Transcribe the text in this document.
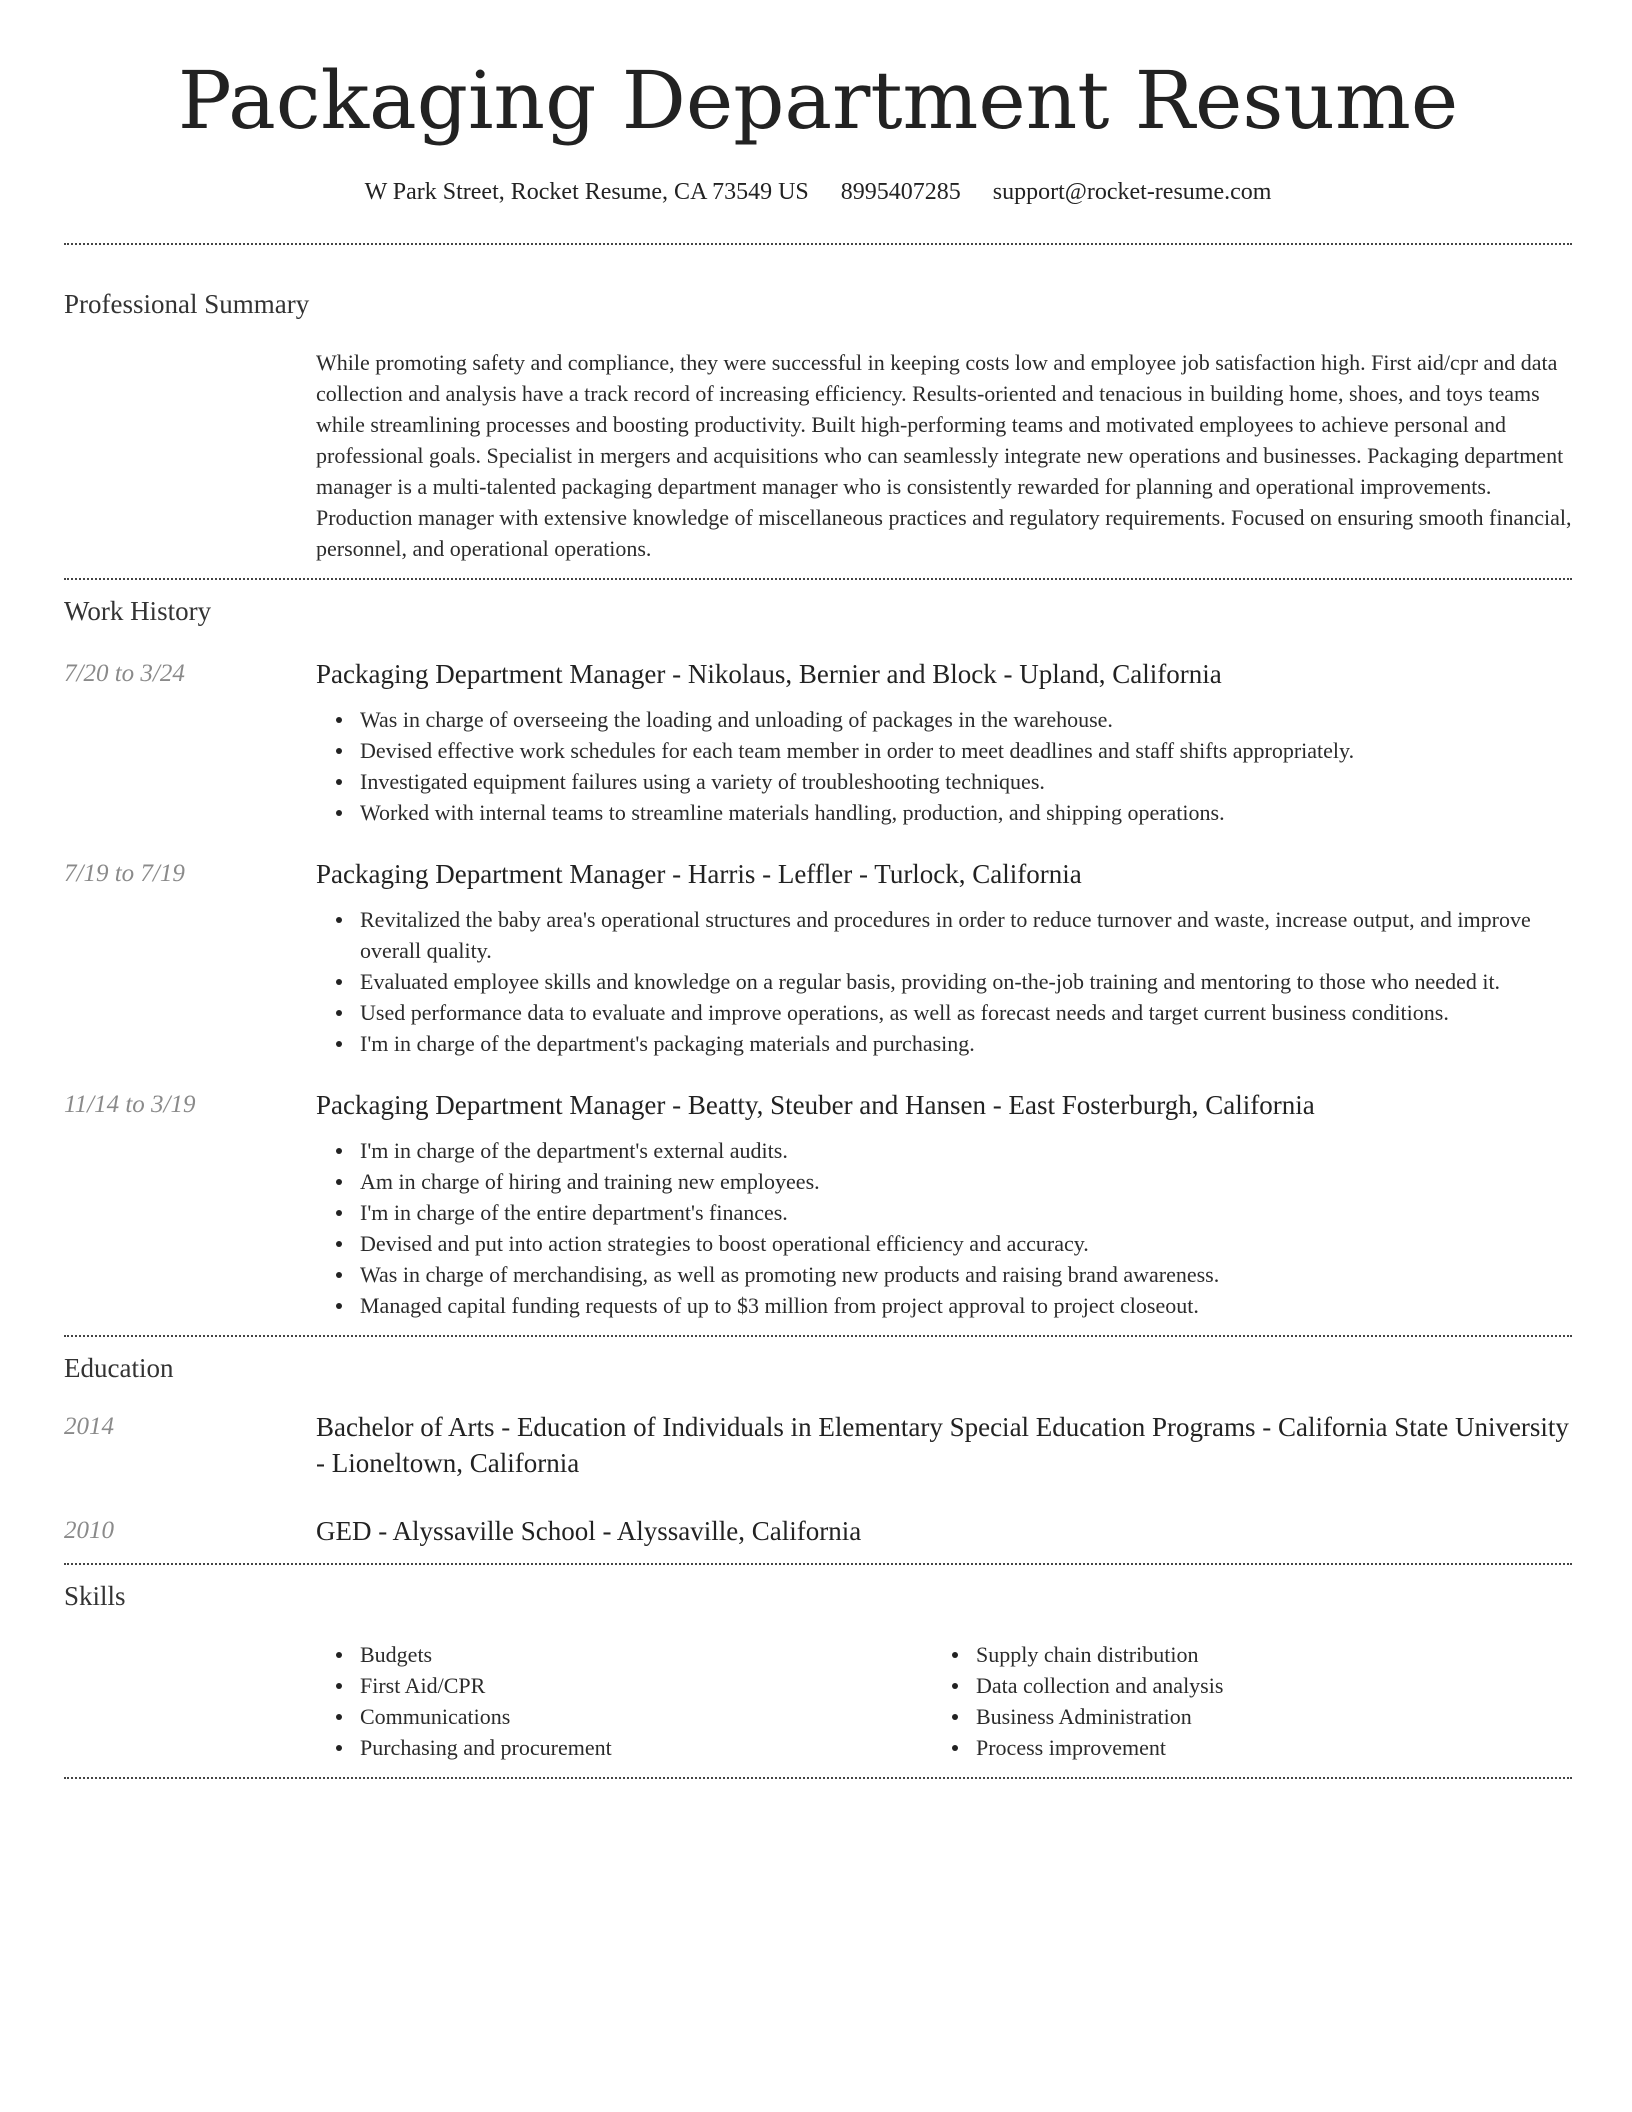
Packaging Department Resume
W Park Street, Rocket Resume, CA 73549 US 8995407285 support@rocket-resume.com
Professional Summary
While promoting safety and compliance, they were successful in keeping costs low and employee job satisfaction high. First aid/cpr and data collection and analysis have a track record of increasing efficiency. Results-oriented and tenacious in building home, shoes, and toys teams while streamlining processes and boosting productivity. Built high-performing teams and motivated employees to achieve personal and professional goals. Specialist in mergers and acquisitions who can seamlessly integrate new operations and businesses. Packaging department manager is a multi-talented packaging department manager who is consistently rewarded for planning and operational improvements. Production manager with extensive knowledge of miscellaneous practices and regulatory requirements. Focused on ensuring smooth financial, personnel, and operational operations.
Work History
7/20 to 3/24	Packaging Department Manager - Nikolaus, Bernier and Block - Upland, California
Was in charge of overseeing the loading and unloading of packages in the warehouse.
Devised effective work schedules for each team member in order to meet deadlines and staff shifts appropriately.
Investigated equipment failures using a variety of troubleshooting techniques.
Worked with internal teams to streamline materials handling, production, and shipping operations.
7/19 to 7/19	Packaging Department Manager - Harris - Leffler - Turlock, California
Revitalized the baby area's operational structures and procedures in order to reduce turnover and waste, increase output, and improve overall quality.
Evaluated employee skills and knowledge on a regular basis, providing on-the-job training and mentoring to those who needed it.
Used performance data to evaluate and improve operations, as well as forecast needs and target current business conditions.
I'm in charge of the department's packaging materials and purchasing.
11/14 to 3/19	Packaging Department Manager - Beatty, Steuber and Hansen - East Fosterburgh, California
I'm in charge of the department's external audits.
Am in charge of hiring and training new employees.
I'm in charge of the entire department's finances.
Devised and put into action strategies to boost operational efficiency and accuracy.
Was in charge of merchandising, as well as promoting new products and raising brand awareness.
Managed capital funding requests of up to $3 million from project approval to project closeout.
Education
2014	Bachelor of Arts - Education of Individuals in Elementary Special Education Programs - California State University - Lioneltown, California
2010	GED - Alyssaville School - Alyssaville, California
Skills
Budgets
First Aid/CPR
Communications
Purchasing and procurement
Supply chain distribution
Data collection and analysis
Business Administration
Process improvement
